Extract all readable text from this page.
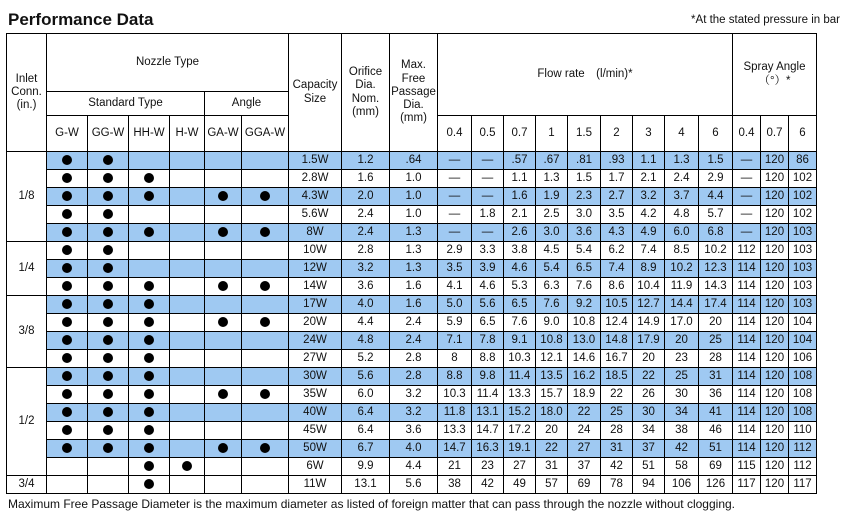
Performance Data	*At the stated pressure in bar
Inlet Conn. (in.)	Nozzle Type						Capacity Size	Orifice Dia. Nom. (mm)	Max. Free Passage Dia. (mm)	Flow rate　(l/min)*									Spray Angle（°）*		
	Standard Type				Angle																
	G-W	GG-W	HH-W	H-W	GA-W	GGA-W				0.4	0.5	0.7	1	1.5	2	3	4	6	0.4	0.7	6
1/8							1.5W	1.2	.64	—	—	.57	.67	.81	.93	1.1	1.3	1.5	—	120	86
							2.8W	1.6	1.0	—	—	1.1	1.3	1.5	1.7	2.1	2.4	2.9	—	120	102
							4.3W	2.0	1.0	—	—	1.6	1.9	2.3	2.7	3.2	3.7	4.4	—	120	102
							5.6W	2.4	1.0	—	1.8	2.1	2.5	3.0	3.5	4.2	4.8	5.7	—	120	102
							8W	2.4	1.3	—	—	2.6	3.0	3.6	4.3	4.9	6.0	6.8	—	120	103
1/4							10W	2.8	1.3	2.9	3.3	3.8	4.5	5.4	6.2	7.4	8.5	10.2	112	120	103
							12W	3.2	1.3	3.5	3.9	4.6	5.4	6.5	7.4	8.9	10.2	12.3	114	120	103
							14W	3.6	1.6	4.1	4.6	5.3	6.3	7.6	8.6	10.4	11.9	14.3	114	120	103
3/8							17W	4.0	1.6	5.0	5.6	6.5	7.6	9.2	10.5	12.7	14.4	17.4	114	120	103
							20W	4.4	2.4	5.9	6.5	7.6	9.0	10.8	12.4	14.9	17.0	20	114	120	104
							24W	4.8	2.4	7.1	7.8	9.1	10.8	13.0	14.8	17.9	20	25	114	120	104
							27W	5.2	2.8	8	8.8	10.3	12.1	14.6	16.7	20	23	28	114	120	106
1/2							30W	5.6	2.8	8.8	9.8	11.4	13.5	16.2	18.5	22	25	31	114	120	108
							35W	6.0	3.2	10.3	11.4	13.3	15.7	18.9	22	26	30	36	114	120	108
							40W	6.4	3.2	11.8	13.1	15.2	18.0	22	25	30	34	41	114	120	108
							45W	6.4	3.6	13.3	14.7	17.2	20	24	28	34	38	46	114	120	110
							50W	6.7	4.0	14.7	16.3	19.1	22	27	31	37	42	51	114	120	112
							6W	9.9	4.4	21	23	27	31	37	42	51	58	69	115	120	112
3/4							11W	13.1	5.6	38	42	49	57	69	78	94	106	126	117	120	117
Maximum Free Passage Diameter is the maximum diameter as listed of foreign matter that can pass through the nozzle without clogging.
